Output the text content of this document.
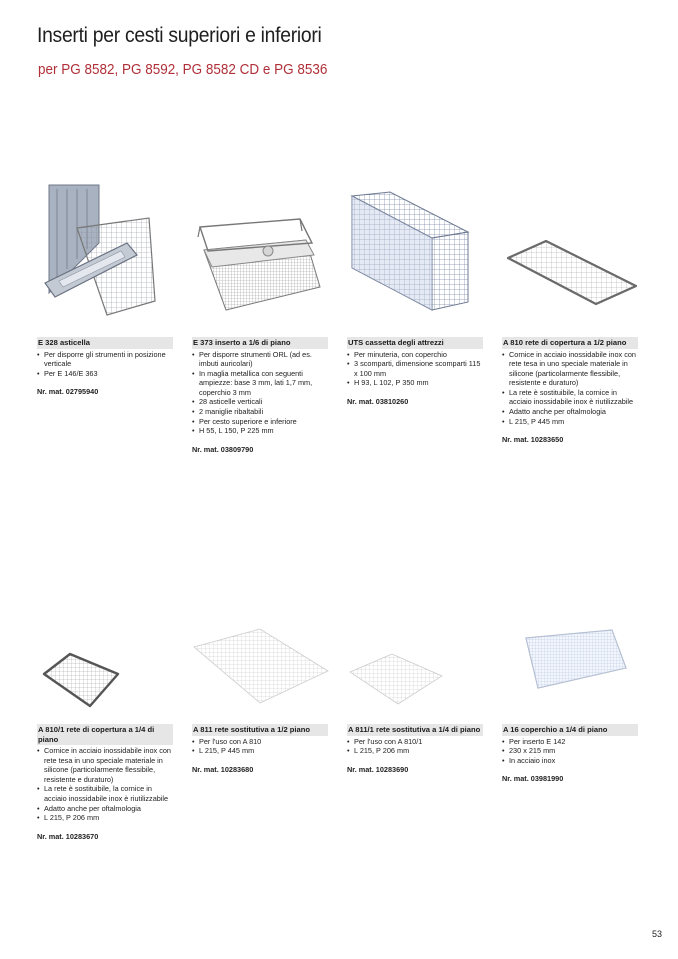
Inserti per cesti superiori e inferiori
per PG 8582, PG 8592, PG 8582 CD e PG 8536
E 328 asticella
• Per disporre gli strumenti in posizione verticale
• Per E 146/E 363
Nr. mat. 02795940
E 373 inserto a 1/6 di piano
• Per disporre strumenti ORL (ad es. imbuti auricolari)
• In maglia metallica con seguenti ampiezze: base 3 mm, lati 1,7 mm, coperchio 3 mm
• 28 asticelle verticali
• 2 maniglie ribaltabili
• Per cesto superiore e inferiore
• H 55, L 150, P 225 mm
Nr. mat. 03809790
UTS cassetta degli attrezzi
• Per minuteria, con coperchio
• 3 scomparti, dimensione scomparti 115 x 100 mm
• H 93, L 102, P 350 mm
Nr. mat. 03810260
A 810 rete di copertura a 1/2 piano
• Cornice in acciaio inossidabile inox con rete tesa in uno speciale materiale in silicone (particolarmente flessibile, resistente e duraturo)
• La rete è sostituibile, la cornice in acciaio inossidabile inox è riutilizzabile
• Adatto anche per oftalmologia
• L 215, P 445 mm
Nr. mat. 10283650
A 810/1 rete di copertura a 1/4 di piano
• Cornice in acciaio inossidabile inox con rete tesa in uno speciale materiale in silicone (particolarmente flessibile, resistente e duraturo)
• La rete è sostituibile, la cornice in acciaio inossidabile inox è riutilizzabile
• Adatto anche per oftalmologia
• L 215, P 206 mm
Nr. mat. 10283670
A 811 rete sostitutiva a 1/2 piano
• Per l'uso con A 810
• L 215, P 445 mm
Nr. mat. 10283680
A 811/1 rete sostitutiva a 1/4 di piano
• Per l'uso con A 810/1
• L 215, P 206 mm
Nr. mat. 10283690
A 16 coperchio a 1/4 di piano
• Per inserto E 142
• 230 x 215 mm
• In acciaio inox
Nr. mat. 03981990
53
